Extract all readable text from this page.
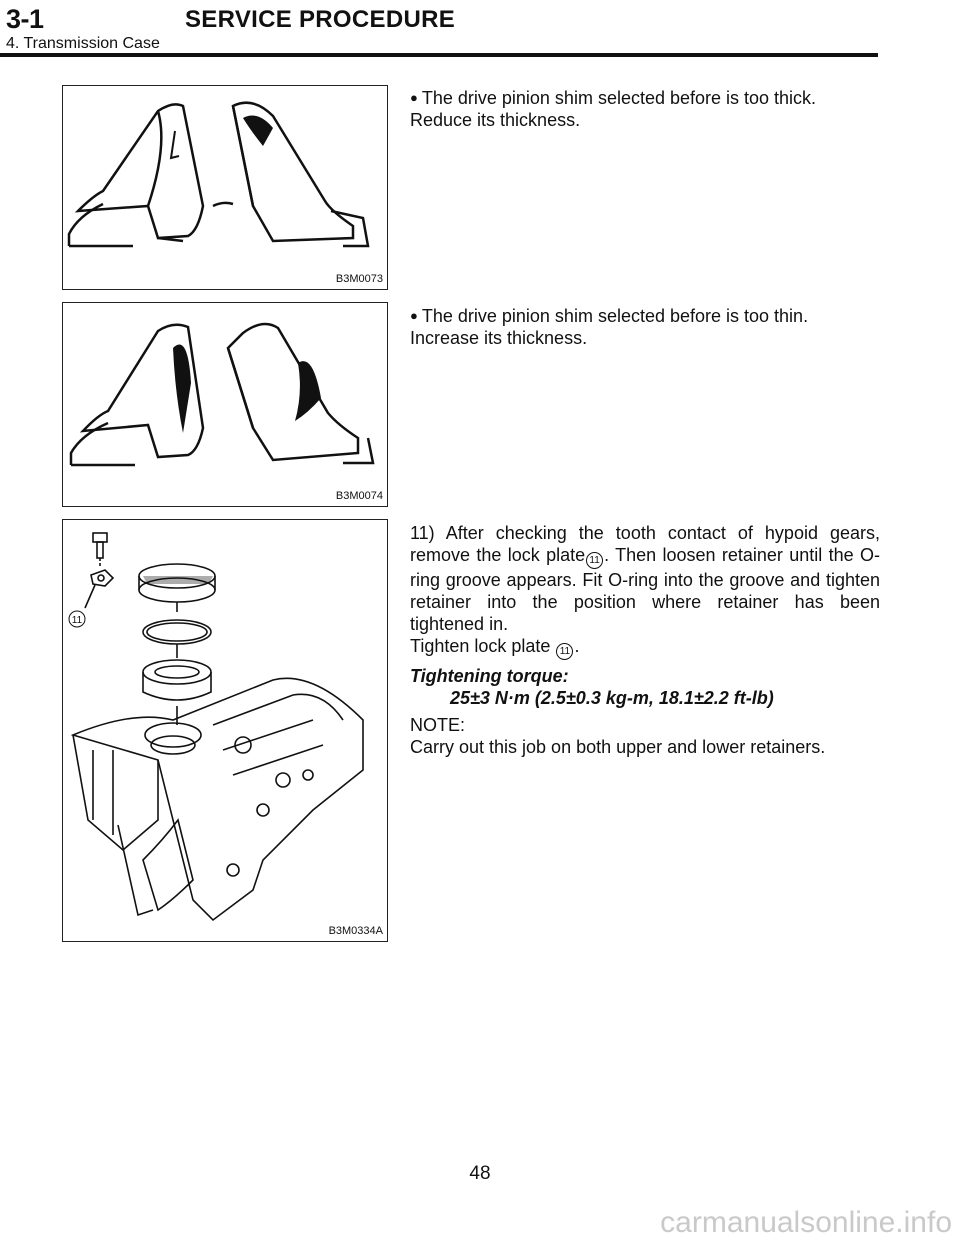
3-1	SERVICE PROCEDURE
4. Transmission Case
B3M0073
● The drive pinion shim selected before is too thick.
Reduce its thickness.
B3M0074
● The drive pinion shim selected before is too thin.
Increase its thickness.
11
B3M0334A
11) After checking the tooth contact of hypoid gears, remove the lock plate 11 . Then loosen retainer until the O-ring groove appears. Fit O-ring into the groove and tighten retainer into the position where retainer has been tightened in.
Tighten lock plate 11 .
Tightening torque:
25±3 N·m (2.5±0.3 kg-m, 18.1±2.2 ft-lb)
NOTE:
Carry out this job on both upper and lower retainers.
48
carmanualsonline.info
